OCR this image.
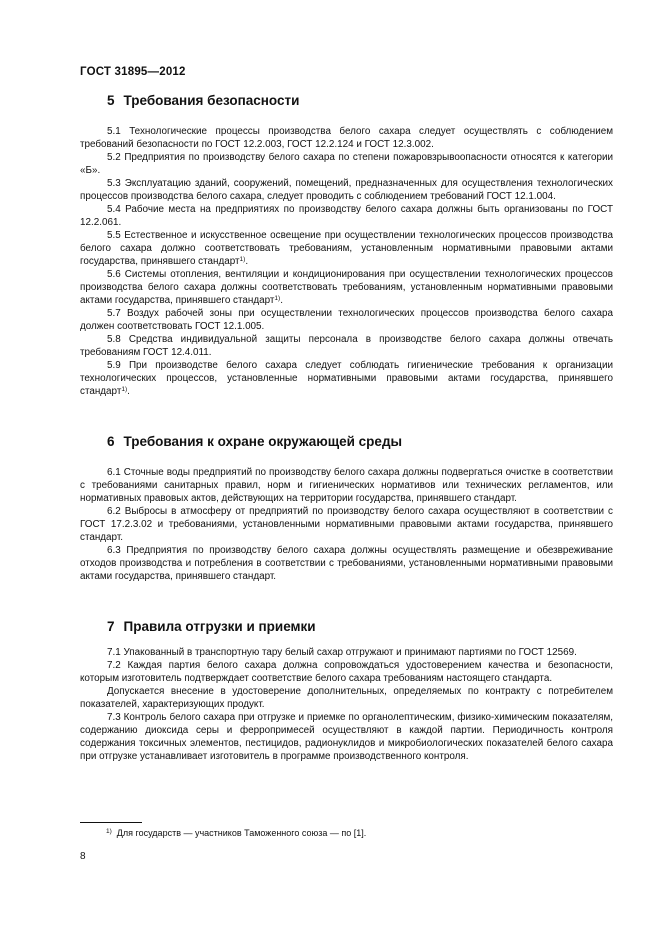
ГОСТ 31895—2012
5 Требования безопасности

5.1 Технологические процессы производства белого сахара следует осуществлять с соблюдением требований безопасности по ГОСТ 12.2.003, ГОСТ 12.2.124 и ГОСТ 12.3.002.

5.2 Предприятия по производству белого сахара по степени пожаровзрывоопасности относятся к категории «Б».

5.3 Эксплуатацию зданий, сооружений, помещений, предназначенных для осуществления технологических процессов производства белого сахара, следует проводить с соблюдением требований ГОСТ 12.1.004.

5.4 Рабочие места на предприятиях по производству белого сахара должны быть организованы по ГОСТ 12.2.061.

5.5 Естественное и искусственное освещение при осуществлении технологических процессов производства белого сахара должно соответствовать требованиям, установленным нормативными правовыми актами государства, принявшего стандарт$^{1)}$.

5.6 Системы отопления, вентиляции и кондиционирования при осуществлении технологических процессов производства белого сахара должны соответствовать требованиям, установленным нормативными правовыми актами государства, принявшего стандарт$^{1)}$.

5.7 Воздух рабочей зоны при осуществлении технологических процессов производства белого сахара должен соответствовать ГОСТ 12.1.005.

5.8 Средства индивидуальной защиты персонала в производстве белого сахара должны отвечать требованиям ГОСТ 12.4.011.

5.9 При производстве белого сахара следует соблюдать гигиенические требования к организации технологических процессов, установленные нормативными правовыми актами государства, принявшего стандарт$^{1)}$.

6 Требования к охране окружающей среды

6.1 Сточные воды предприятий по производству белого сахара должны подвергаться очистке в соответствии с требованиями санитарных правил, норм и гигиенических нормативов или технических регламентов, или нормативных правовых актов, действующих на территории государства, принявшего стандарт.

6.2 Выбросы в атмосферу от предприятий по производству белого сахара осуществляют в соответствии с ГОСТ 17.2.3.02 и требованиями, установленными нормативными правовыми актами государства, принявшего стандарт.

6.3 Предприятия по производству белого сахара должны осуществлять размещение и обезвреживание отходов производства и потребления в соответствии с требованиями, установленными нормативными правовыми актами государства, принявшего стандарт.

7 Правила отгрузки и приемки

7.1 Упакованный в транспортную тару белый сахар отгружают и принимают партиями по ГОСТ 12569.

7.2 Каждая партия белого сахара должна сопровождаться удостоверением качества и безопасности, которым изготовитель подтверждает соответствие белого сахара требованиям настоящего стандарта.

Допускается внесение в удостоверение дополнительных, определяемых по контракту с потребителем показателей, характеризующих продукт.

7.3 Контроль белого сахара при отгрузке и приемке по органолептическим, физико-химическим показателям, содержанию диоксида серы и ферропримесей осуществляют в каждой партии. Периодичность контроля содержания токсичных элементов, пестицидов, радионуклидов и микробиологических показателей белого сахара при отгрузке устанавливает изготовитель в программе производственного контроля.

$^{1)}$ Для государств — участников Таможенного союза — по [1].
8
